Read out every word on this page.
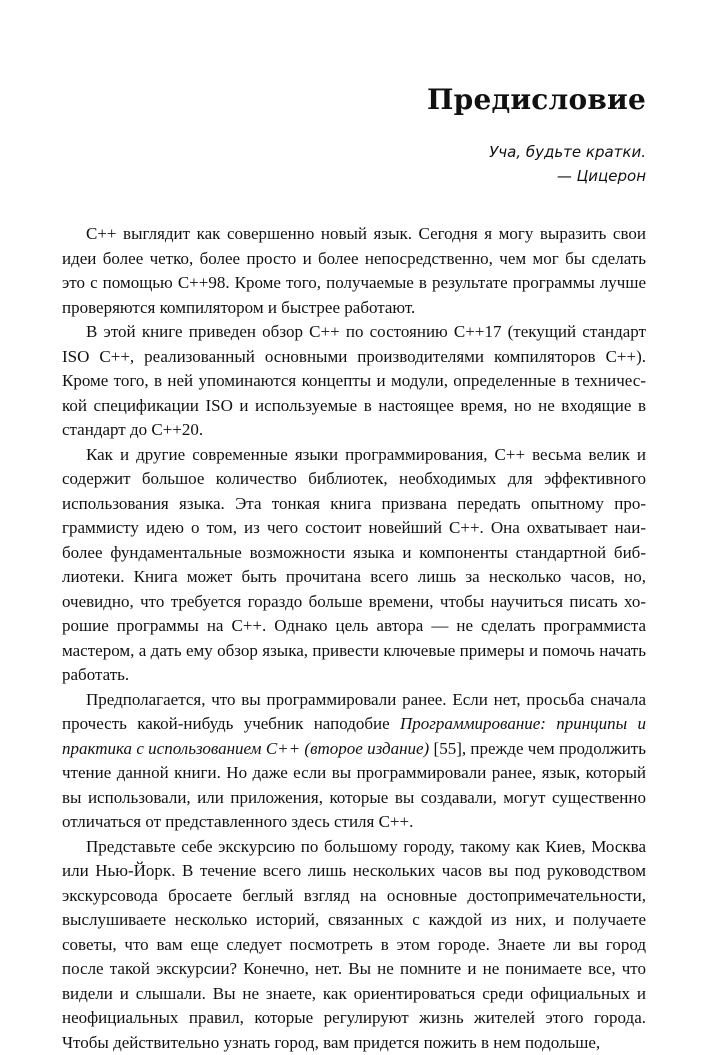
Предисловие
Уча, будьте кратки.
— Цицерон

C++ выглядит как совершенно новый язык. Сегодня я могу выразить свои идеи более четко, более просто и более непосредственно, чем мог бы сделать это с помощью C++98. Кроме того, получаемые в результате программы лучше проверяются компилятором и быстрее работают.

В этой книге приведен обзор C++ по состоянию C++17 (текущий стандарт ISO C++, реализованный основными производителями компиляторов C++). Кроме того, в ней упоминаются концепты и модули, определенные в технической спецификации ISO и используемые в настоящее время, но не входящие в стандарт до C++20.

Как и другие современные языки программирования, C++ весьма велик и содержит большое количество библиотек, необходимых для эффективного использования языка. Эта тонкая книга призвана передать опытному программисту идею о том, из чего состоит новейший C++. Она охватывает наиболее фундаментальные возможности языка и компоненты стандартной библиотеки. Книга может быть прочитана всего лишь за несколько часов, но, очевидно, что требуется гораздо больше времени, чтобы научиться писать хорошие программы на C++. Однако цель автора — не сделать программиста мастером, а дать ему обзор языка, привести ключевые примеры и помочь начать работать.

Предполагается, что вы программировали ранее. Если нет, просьба сначала прочесть какой-нибудь учебник наподобие Программирование: принципы и практика с использованием C++ (второе издание) [55], прежде чем продолжить чтение данной книги. Но даже если вы программировали ранее, язык, который вы использовали, или приложения, которые вы создавали, могут существенно отличаться от представленного здесь стиля C++.

Представьте себе экскурсию по большому городу, такому как Киев, Москва или Нью-Йорк. В течение всего лишь нескольких часов вы под руководством экскурсовода бросаете беглый взгляд на основные достопримечательности, выслушиваете несколько историй, связанных с каждой из них, и получаете советы, что вам еще следует посмотреть в этом городе. Знаете ли вы город после такой экскурсии? Конечно, нет. Вы не помните и не понимаете все, что видели и слышали. Вы не знаете, как ориентироваться среди официальных и неофициальных правил, которые регулируют жизнь жителей этого города. Чтобы действительно узнать город, вам придется пожить в нем подольше,
